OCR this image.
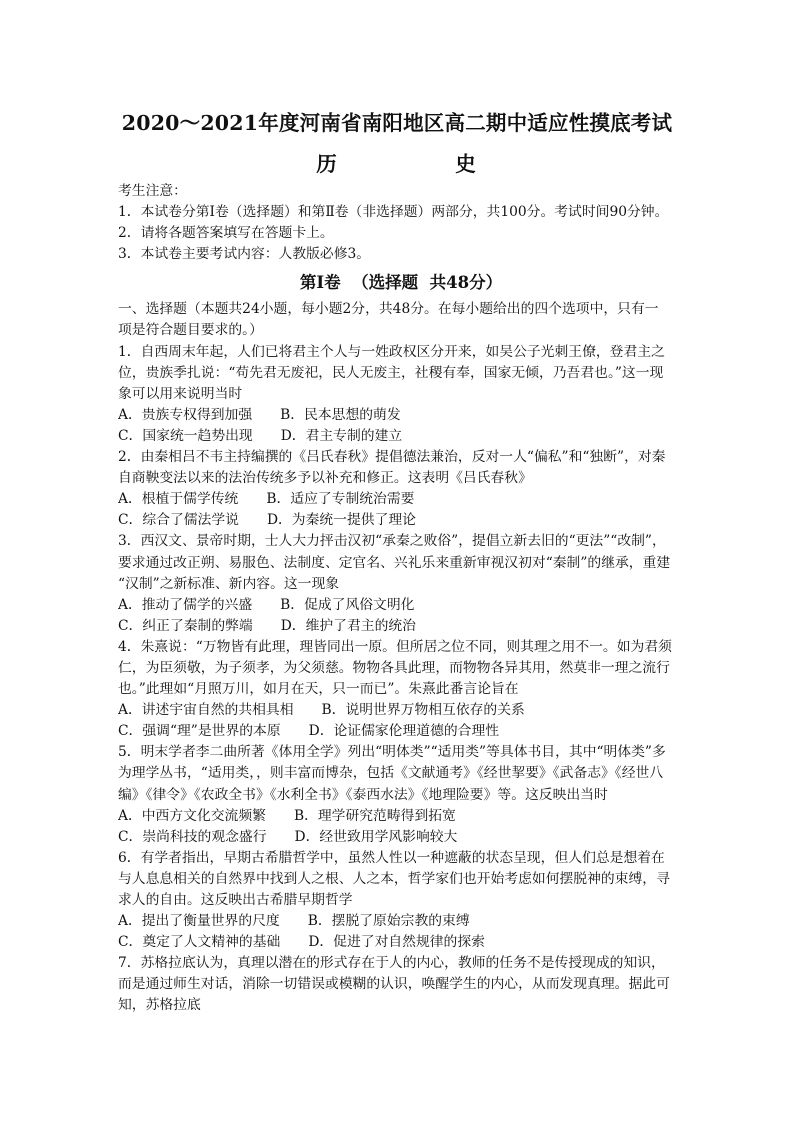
2020～2021年度河南省南阳地区高二期中适应性摸底考试
历    史
考生注意：
1．本试卷分第Ⅰ卷（选择题）和第Ⅱ卷（非选择题）两部分，共100分。考试时间90分钟。
2．请将各题答案填写在答题卡上。
3．本试卷主要考试内容：人教版必修3。
第Ⅰ卷  （选择题  共48分）
一、选择题（本题共24小题，每小题2分，共48分。在每小题给出的四个选项中，只有一
项是符合题目要求的。）
1．自西周末年起，人们已将君主个人与一姓政权区分开来，如吴公子光刺王僚，登君主之
位，贵族季扎说：“苟先君无废祀，民人无废主，社稷有奉，国家无倾，乃吾君也。”这一现
象可以用来说明当时
A．贵族专权得到加强 B．民本思想的萌发
C．国家统一趋势出现 D．君主专制的建立
2．由秦相吕不韦主持编撰的《吕氏春秋》提倡德法兼治，反对一人“偏私”和“独断”，对秦
自商鞅变法以来的法治传统多予以补充和修正。这表明《吕氏春秋》
A．根植于儒学传统 B．适应了专制统治需要
C．综合了儒法学说 D．为秦统一提供了理论
3．西汉文、景帝时期，士人大力抨击汉初“承秦之败俗”，提倡立新去旧的“更法”“改制”，
要求通过改正朔、易服色、法制度、定官名、兴礼乐来重新审视汉初对“秦制”的继承，重建
“汉制”之新标准、新内容。这一现象
A．推动了儒学的兴盛 B．促成了风俗文明化
C．纠正了秦制的弊端 D．维护了君主的统治
4．朱熹说：“万物皆有此理，理皆同出一原。但所居之位不同，则其理之用不一。如为君须
仁，为臣须敬，为子须孝，为父须慈。物物各具此理，而物物各异其用，然莫非一理之流行
也。”此理如“月照万川，如月在天，只一而已”。朱熹此番言论旨在
A．讲述宇宙自然的共相具相 B．说明世界万物相互依存的关系
C．强调“理”是世界的本原 D．论证儒家伦理道德的合理性
5．明末学者李二曲所著《体用全学》列出“明体类”“适用类”等具体书目，其中“明体类”多
为理学丛书，“适用类，，则丰富而博杂，包括《文献通考》《经世挈要》《武备志》《经世八
编》《律令》《农政全书》《水利全书》《泰西水法》《地理险要》等。这反映出当时
A．中西方文化交流频繁 B．理学研究范畴得到拓宽
C．崇尚科技的观念盛行 D．经世致用学风影响较大
6．有学者指出，早期古希腊哲学中，虽然人性以一种遮蔽的状态呈现，但人们总是想着在
与人息息相关的自然界中找到人之根、人之本，哲学家们也开始考虑如何摆脱神的束缚，寻
求人的自由。这反映出古希腊早期哲学
A．提出了衡量世界的尺度 B．摆脱了原始宗教的束缚
C．奠定了人文精神的基础 D．促进了对自然规律的探索
7．苏格拉底认为，真理以潜在的形式存在于人的内心，教师的任务不是传授现成的知识，
而是通过师生对话，消除一切错误或模糊的认识，唤醒学生的内心，从而发现真理。据此可
知，苏格拉底
